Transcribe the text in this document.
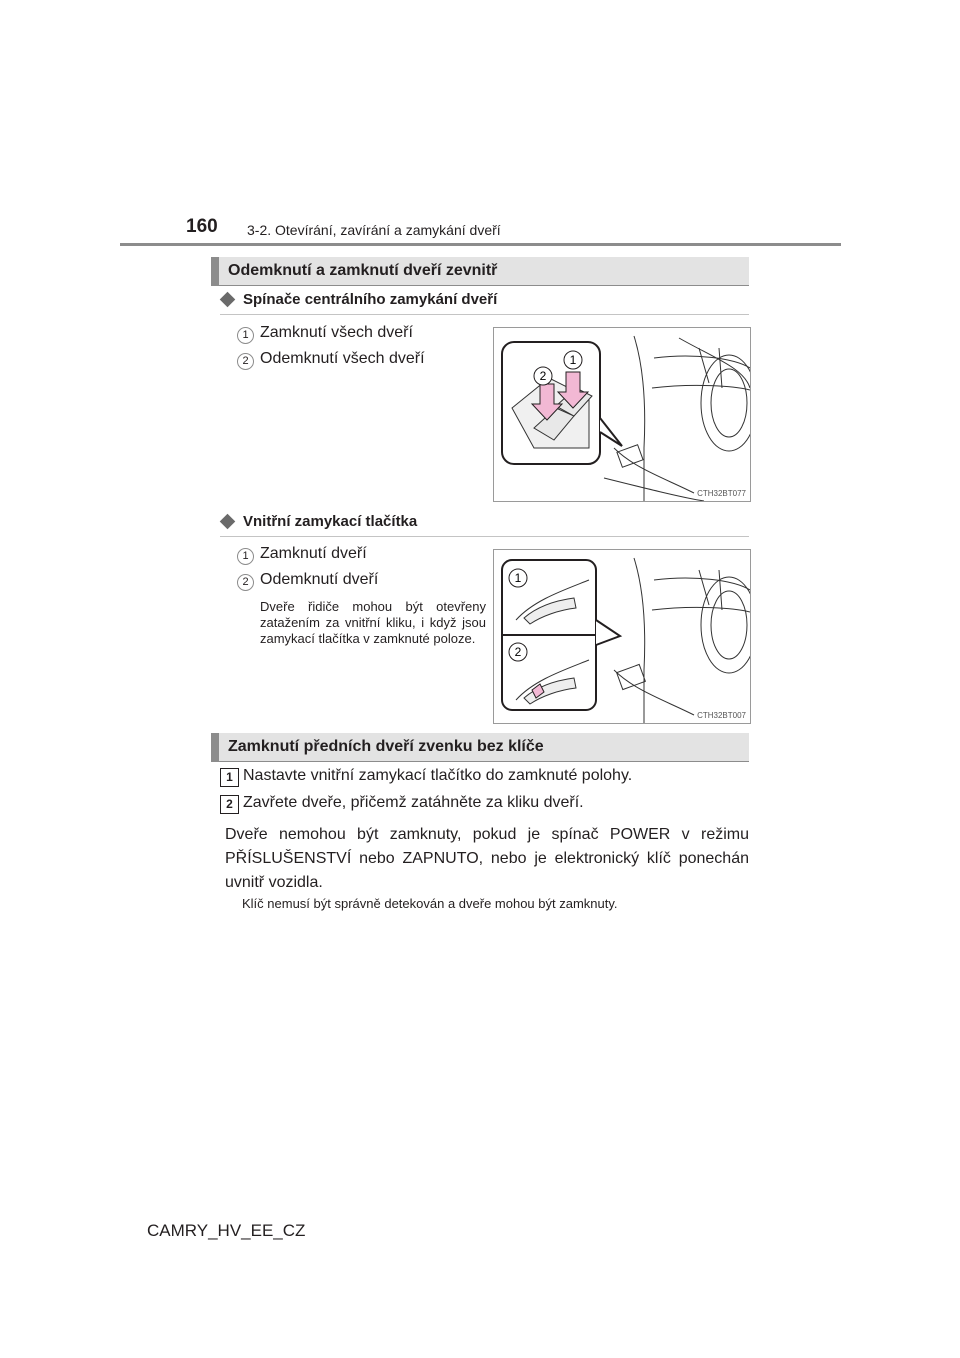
160 3-2. Otevírání, zavírání a zamykání dveří
Odemknutí a zamknutí dveří zevnitř
Spínače centrálního zamykání dveří
1 Zamknutí všech dveří
2 Odemknutí všech dveří
2
1
CTH32BT077
Vnitřní zamykací tlačítka
1 Zamknutí dveří
2 Odemknutí dveří
Dveře řidiče mohou být otevřeny zatažením za vnitřní kliku, i když jsou zamykací tlačítka v zamknuté poloze.
1
2
CTH32BT007
Zamknutí předních dveří zvenku bez klíče
1 Nastavte vnitřní zamykací tlačítko do zamknuté polohy.
2 Zavřete dveře, přičemž zatáhněte za kliku dveří.
Dveře nemohou být zamknuty, pokud je spínač POWER v režimu PŘÍSLUŠENSTVÍ nebo ZAPNUTO, nebo je elektronický klíč ponechán uvnitř vozidla.
Klíč nemusí být správně detekován a dveře mohou být zamknuty.
CAMRY_HV_EE_CZ
